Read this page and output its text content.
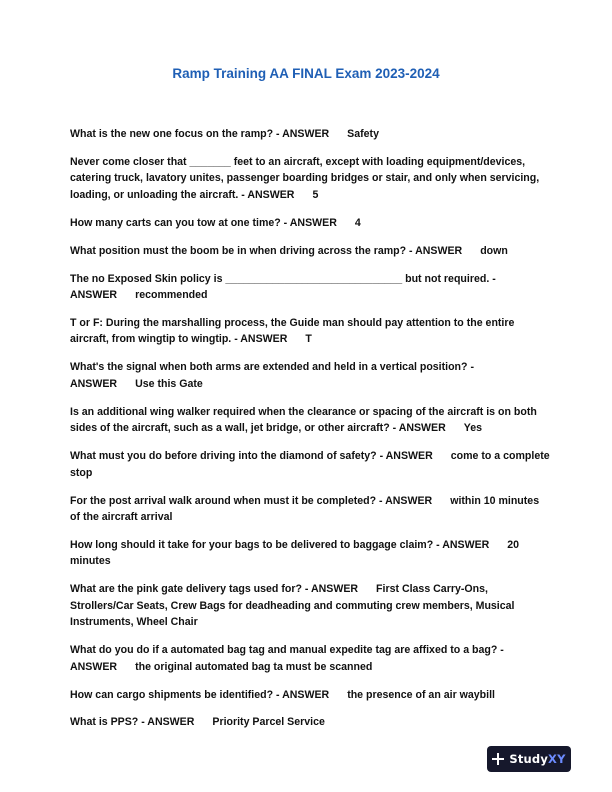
Ramp Training AA FINAL Exam 2023-2024
What is the new one focus on the ramp? - ANSWER Safety
Never come closer that _______ feet to an aircraft, except with loading equipment/devices, catering truck, lavatory unites, passenger boarding bridges or stair, and only when servicing, loading, or unloading the aircraft. - ANSWER 5
How many carts can you tow at one time? - ANSWER 4
What position must the boom be in when driving across the ramp? - ANSWER down
The no Exposed Skin policy is ______________________________ but not required. - ANSWER recommended
T or F: During the marshalling process, the Guide man should pay attention to the entire aircraft, from wingtip to wingtip. - ANSWER T
What's the signal when both arms are extended and held in a vertical position? - ANSWER Use this Gate
Is an additional wing walker required when the clearance or spacing of the aircraft is on both sides of the aircraft, such as a wall, jet bridge, or other aircraft? - ANSWER Yes
What must you do before driving into the diamond of safety? - ANSWER come to a complete stop
For the post arrival walk around when must it be completed? - ANSWER within 10 minutes of the aircraft arrival
How long should it take for your bags to be delivered to baggage claim? - ANSWER 20 minutes
What are the pink gate delivery tags used for? - ANSWER First Class Carry-Ons, Strollers/Car Seats, Crew Bags for deadheading and commuting crew members, Musical Instruments, Wheel Chair
What do you do if a automated bag tag and manual expedite tag are affixed to a bag? - ANSWER the original automated bag ta must be scanned
How can cargo shipments be identified? - ANSWER the presence of an air waybill
What is PPS? - ANSWER Priority Parcel Service
StudyXY
